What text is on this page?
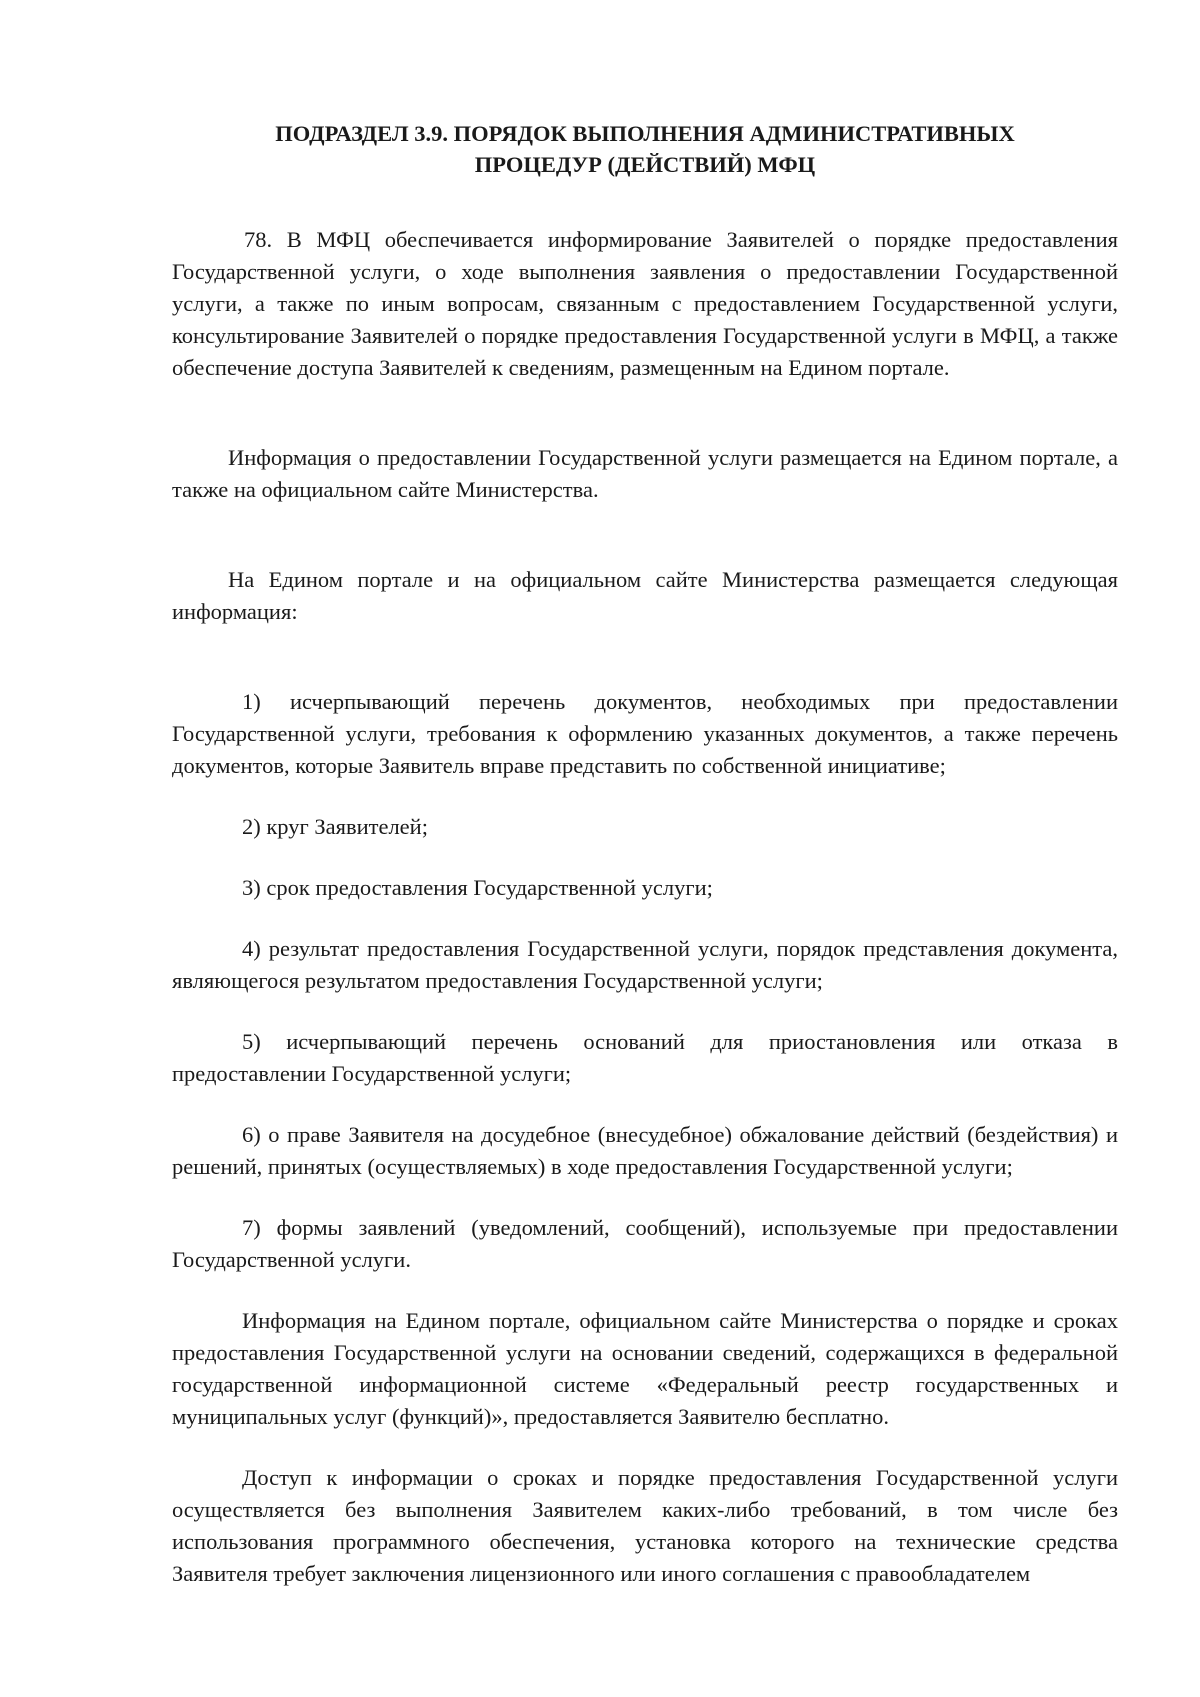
ПОДРАЗДЕЛ 3.9. ПОРЯДОК ВЫПОЛНЕНИЯ АДМИНИСТРАТИВНЫХ
ПРОЦЕДУР (ДЕЙСТВИЙ) МФЦ

78. В МФЦ обеспечивается информирование Заявителей о порядке предоставления Государственной услуги, о ходе выполнения заявления о предоставлении Государственной услуги, а также по иным вопросам, связанным с предоставлением Государственной услуги, консультирование Заявителей о порядке предоставления Государственной услуги в МФЦ, а также обеспечение доступа Заявителей к сведениям, размещенным на Едином портале.

Информация о предоставлении Государственной услуги размещается на Едином портале, а также на официальном сайте Министерства.

На Едином портале и на официальном сайте Министерства размещается следующая информация:

1) исчерпывающий перечень документов, необходимых при предоставлении Государственной услуги, требования к оформлению указанных документов, а также перечень документов, которые Заявитель вправе представить по собственной инициативе;

2) круг Заявителей;

3) срок предоставления Государственной услуги;

4) результат предоставления Государственной услуги, порядок представления документа, являющегося результатом предоставления Государственной услуги;

5) исчерпывающий перечень оснований для приостановления или отказа в предоставлении Государственной услуги;

6) о праве Заявителя на досудебное (внесудебное) обжалование действий (бездействия) и решений, принятых (осуществляемых) в ходе предоставления Государственной услуги;

7) формы заявлений (уведомлений, сообщений), используемые при предоставлении Государственной услуги.

Информация на Едином портале, официальном сайте Министерства о порядке и сроках предоставления Государственной услуги на основании сведений, содержащихся в федеральной государственной информационной системе «Федеральный реестр государственных и муниципальных услуг (функций)», предоставляется Заявителю бесплатно.

Доступ к информации о сроках и порядке предоставления Государственной услуги осуществляется без выполнения Заявителем каких-либо требований, в том числе без использования программного обеспечения, установка которого на технические средства Заявителя требует заключения лицензионного или иного соглашения с правообладателем
